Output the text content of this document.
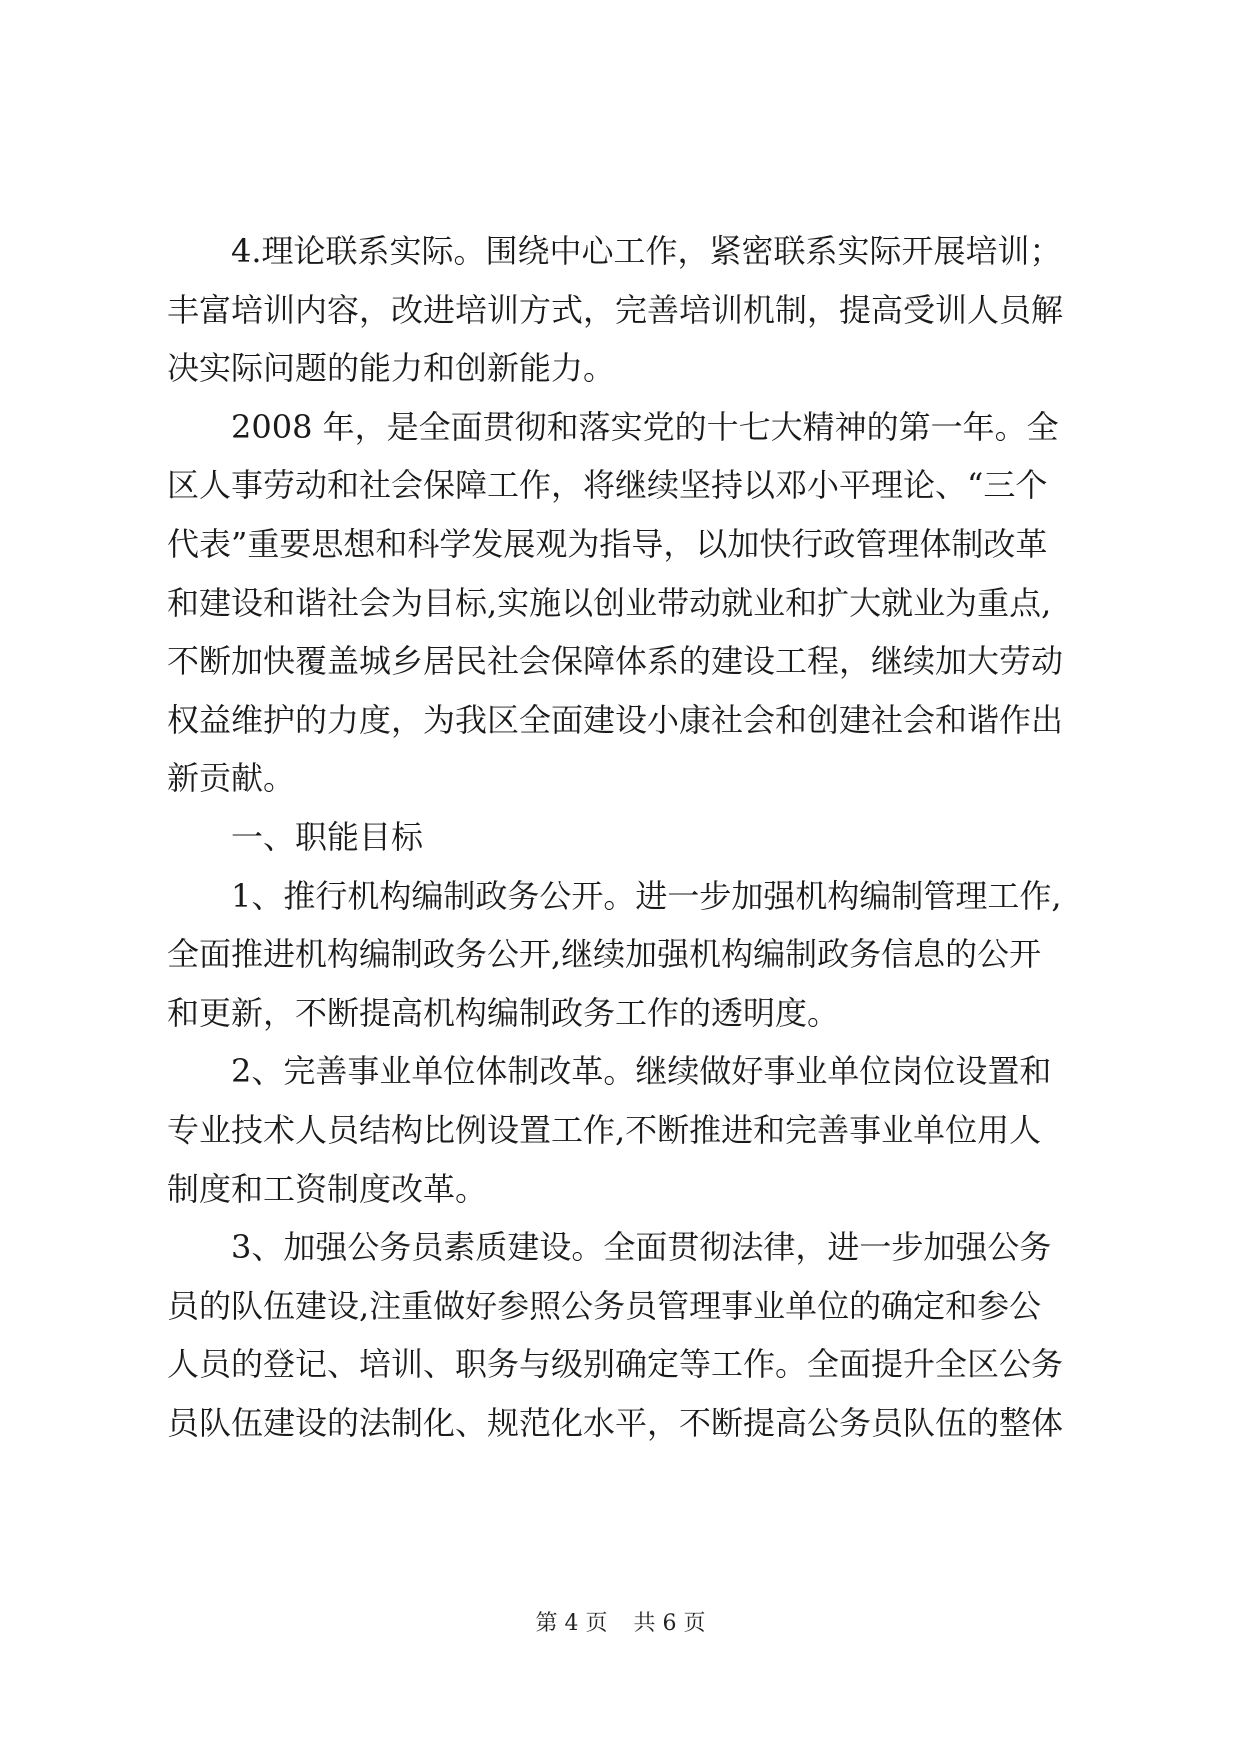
4.理论联系实际。围绕中心工作，紧密联系实际开展培训；
丰富培训内容，改进培训方式，完善培训机制，提高受训人员解
决实际问题的能力和创新能力。
2008 年，是全面贯彻和落实党的十七大精神的第一年。全
区人事劳动和社会保障工作，将继续坚持以邓小平理论、“三个
代表”重要思想和科学发展观为指导，以加快行政管理体制改革
和建设和谐社会为目标,实施以创业带动就业和扩大就业为重点,
不断加快覆盖城乡居民社会保障体系的建设工程，继续加大劳动
权益维护的力度，为我区全面建设小康社会和创建社会和谐作出
新贡献。
一、职能目标
1、推行机构编制政务公开。进一步加强机构编制管理工作,
全面推进机构编制政务公开,继续加强机构编制政务信息的公开
和更新，不断提高机构编制政务工作的透明度。
2、完善事业单位体制改革。继续做好事业单位岗位设置和
专业技术人员结构比例设置工作,不断推进和完善事业单位用人
制度和工资制度改革。
3、加强公务员素质建设。全面贯彻法律，进一步加强公务
员的队伍建设,注重做好参照公务员管理事业单位的确定和参公
人员的登记、培训、职务与级别确定等工作。全面提升全区公务
员队伍建设的法制化、规范化水平，不断提高公务员队伍的整体
第 4 页 共 6 页
